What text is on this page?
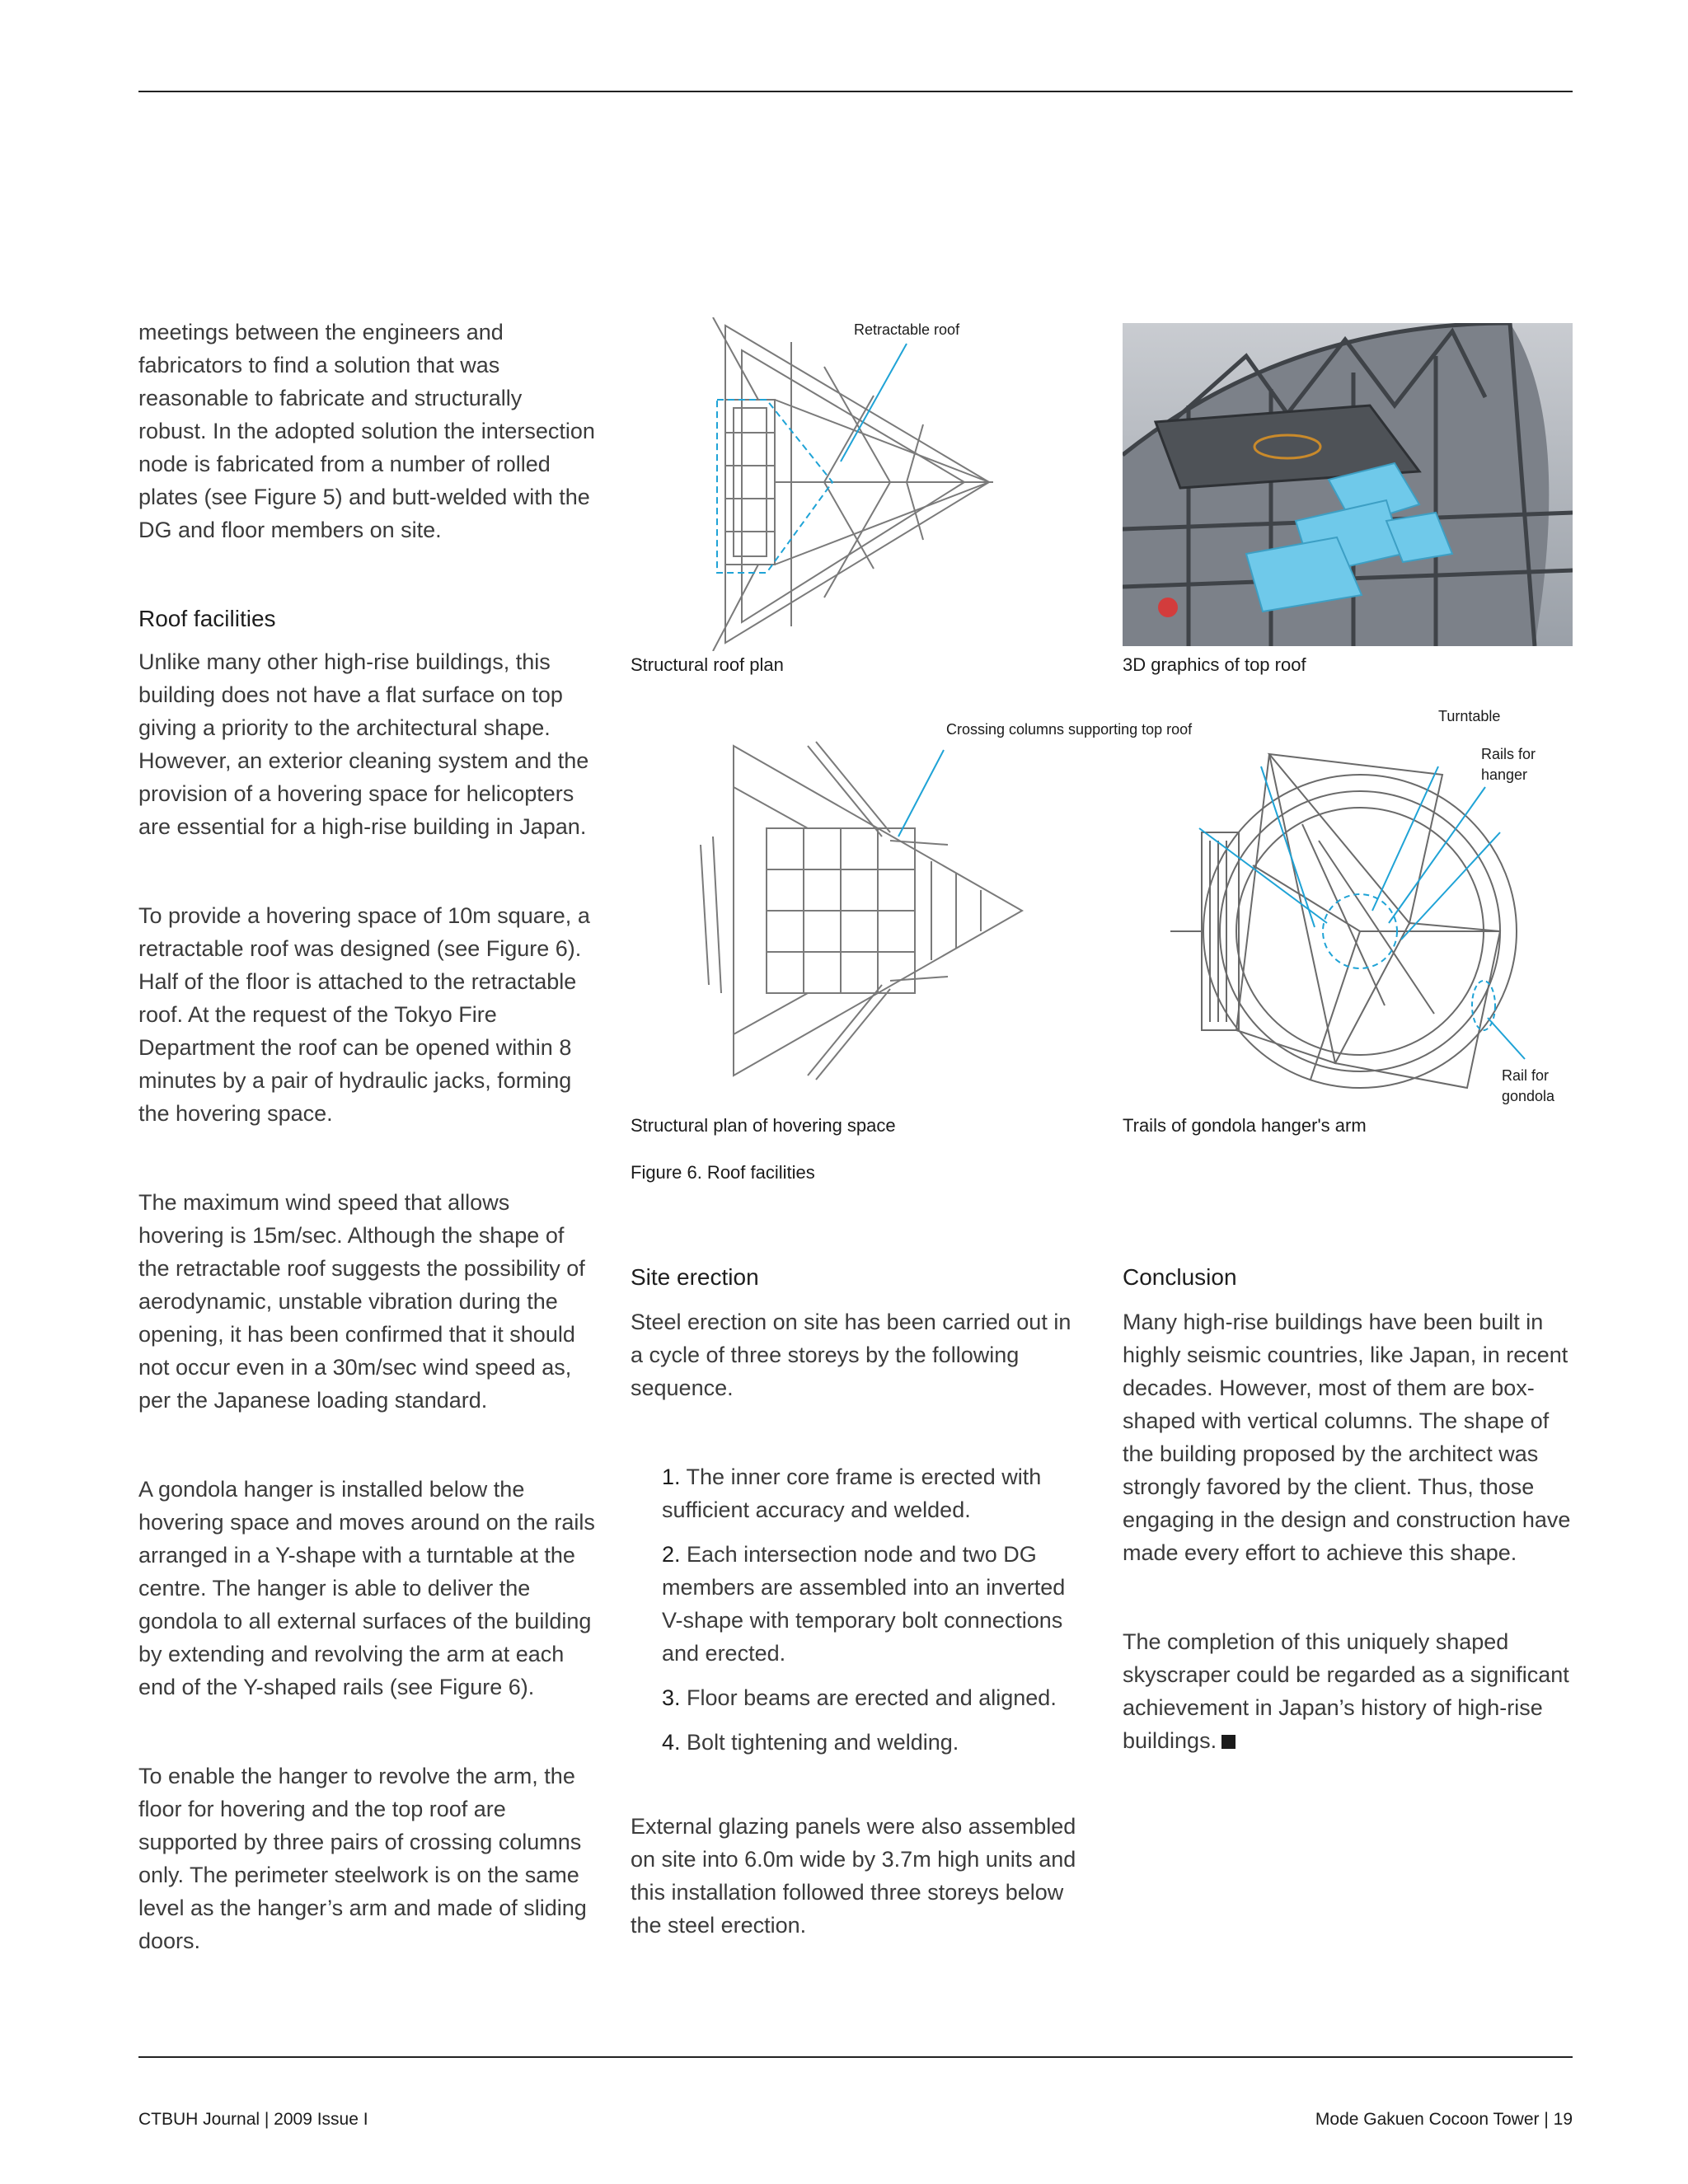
meetings between the engineers and fabricators to find a solution that was reasonable to fabricate and structurally robust. In the adopted solution the intersection node is fabricated from a number of rolled plates (see Figure 5) and butt-welded with the DG and floor members on site.

Roof facilities

Unlike many other high-rise buildings, this building does not have a flat surface on top giving a priority to the architectural shape. However, an exterior cleaning system and the provision of a hovering space for helicopters are essential for a high-rise building in Japan.

To provide a hovering space of 10m square, a retractable roof was designed (see Figure 6). Half of the floor is attached to the retractable roof. At the request of the Tokyo Fire Department the roof can be opened within 8 minutes by a pair of hydraulic jacks, forming the hovering space.

The maximum wind speed that allows hovering is 15m/sec. Although the shape of the retractable roof suggests the possibility of aerodynamic, unstable vibration during the opening, it has been confirmed that it should not occur even in a 30m/sec wind speed as, per the Japanese loading standard.

A gondola hanger is installed below the hovering space and moves around on the rails arranged in a Y-shape with a turntable at the centre. The hanger is able to deliver the gondola to all external surfaces of the building by extending and revolving the arm at each end of the Y-shaped rails (see Figure 6).

To enable the hanger to revolve the arm, the floor for hovering and the top roof are supported by three pairs of crossing columns only. The perimeter steelwork is on the same level as the hanger’s arm and made of sliding doors.

Retractable roof
Structural roof plan	3D graphics of top roof
Crossing columns supporting top roof
Turntable
Rails for hanger
Rail for gondola
Structural plan of hovering space	Trails of gondola hanger's arm
Figure 6. Roof facilities
Site erection

Steel erection on site has been carried out in a cycle of three storeys by the following sequence.

1. The inner core frame is erected with sufficient accuracy and welded.
2. Each intersection node and two DG members are assembled into an inverted V-shape with temporary bolt connections and erected.
3. Floor beams are erected and aligned.
4. Bolt tightening and welding.

External glazing panels were also assembled on site into 6.0m wide by 3.7m high units and this installation followed three storeys below the steel erection.

Conclusion

Many high-rise buildings have been built in highly seismic countries, like Japan, in recent decades. However, most of them are box-shaped with vertical columns. The shape of the building proposed by the architect was strongly favored by the client. Thus, those engaging in the design and construction have made every effort to achieve this shape.

The completion of this uniquely shaped skyscraper could be regarded as a significant achievement in Japan’s history of high-rise buildings.

CTBUH Journal | 2009 Issue I	Mode Gakuen Cocoon Tower | 19
